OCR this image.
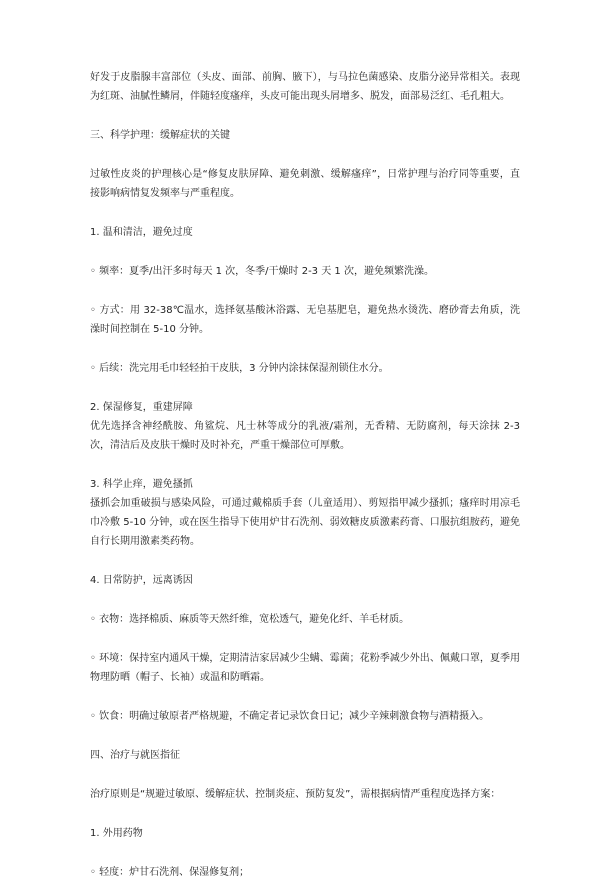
好发于皮脂腺丰富部位（头皮、面部、前胸、腋下），与马拉色菌感染、皮脂分泌异常相关。表现为红斑、油腻性鳞屑，伴随轻度瘙痒，头皮可能出现头屑增多、脱发，面部易泛红、毛孔粗大。

三、科学护理：缓解症状的关键

过敏性皮炎的护理核心是“修复皮肤屏障、避免刺激、缓解瘙痒”，日常护理与治疗同等重要，直接影响病情复发频率与严重程度。

1. 温和清洁，避免过度

◦ 频率：夏季/出汗多时每天 1 次，冬季/干燥时 2-3 天 1 次，避免频繁洗澡。

◦ 方式：用 32-38℃温水，选择氨基酸沐浴露、无皂基肥皂，避免热水烫洗、磨砂膏去角质，洗澡时间控制在 5-10 分钟。

◦ 后续：洗完用毛巾轻轻拍干皮肤，3 分钟内涂抹保湿剂锁住水分。

2. 保湿修复，重建屏障

优先选择含神经酰胺、角鲨烷、凡士林等成分的乳液/霜剂，无香精、无防腐剂，每天涂抹 2-3 次，清洁后及皮肤干燥时及时补充，严重干燥部位可厚敷。

3. 科学止痒，避免搔抓

搔抓会加重破损与感染风险，可通过戴棉质手套（儿童适用）、剪短指甲减少搔抓；瘙痒时用凉毛巾冷敷 5-10 分钟，或在医生指导下使用炉甘石洗剂、弱效糖皮质激素药膏、口服抗组胺药，避免自行长期用激素类药物。

4. 日常防护，远离诱因

◦ 衣物：选择棉质、麻质等天然纤维，宽松透气，避免化纤、羊毛材质。

◦ 环境：保持室内通风干燥，定期清洁家居减少尘螨、霉菌；花粉季减少外出、佩戴口罩，夏季用物理防晒（帽子、长袖）或温和防晒霜。

◦ 饮食：明确过敏原者严格规避，不确定者记录饮食日记；减少辛辣刺激食物与酒精摄入。

四、治疗与就医指征

治疗原则是“规避过敏原、缓解症状、控制炎症、预防复发”，需根据病情严重程度选择方案：

1. 外用药物

◦ 轻度：炉甘石洗剂、保湿修复剂；
